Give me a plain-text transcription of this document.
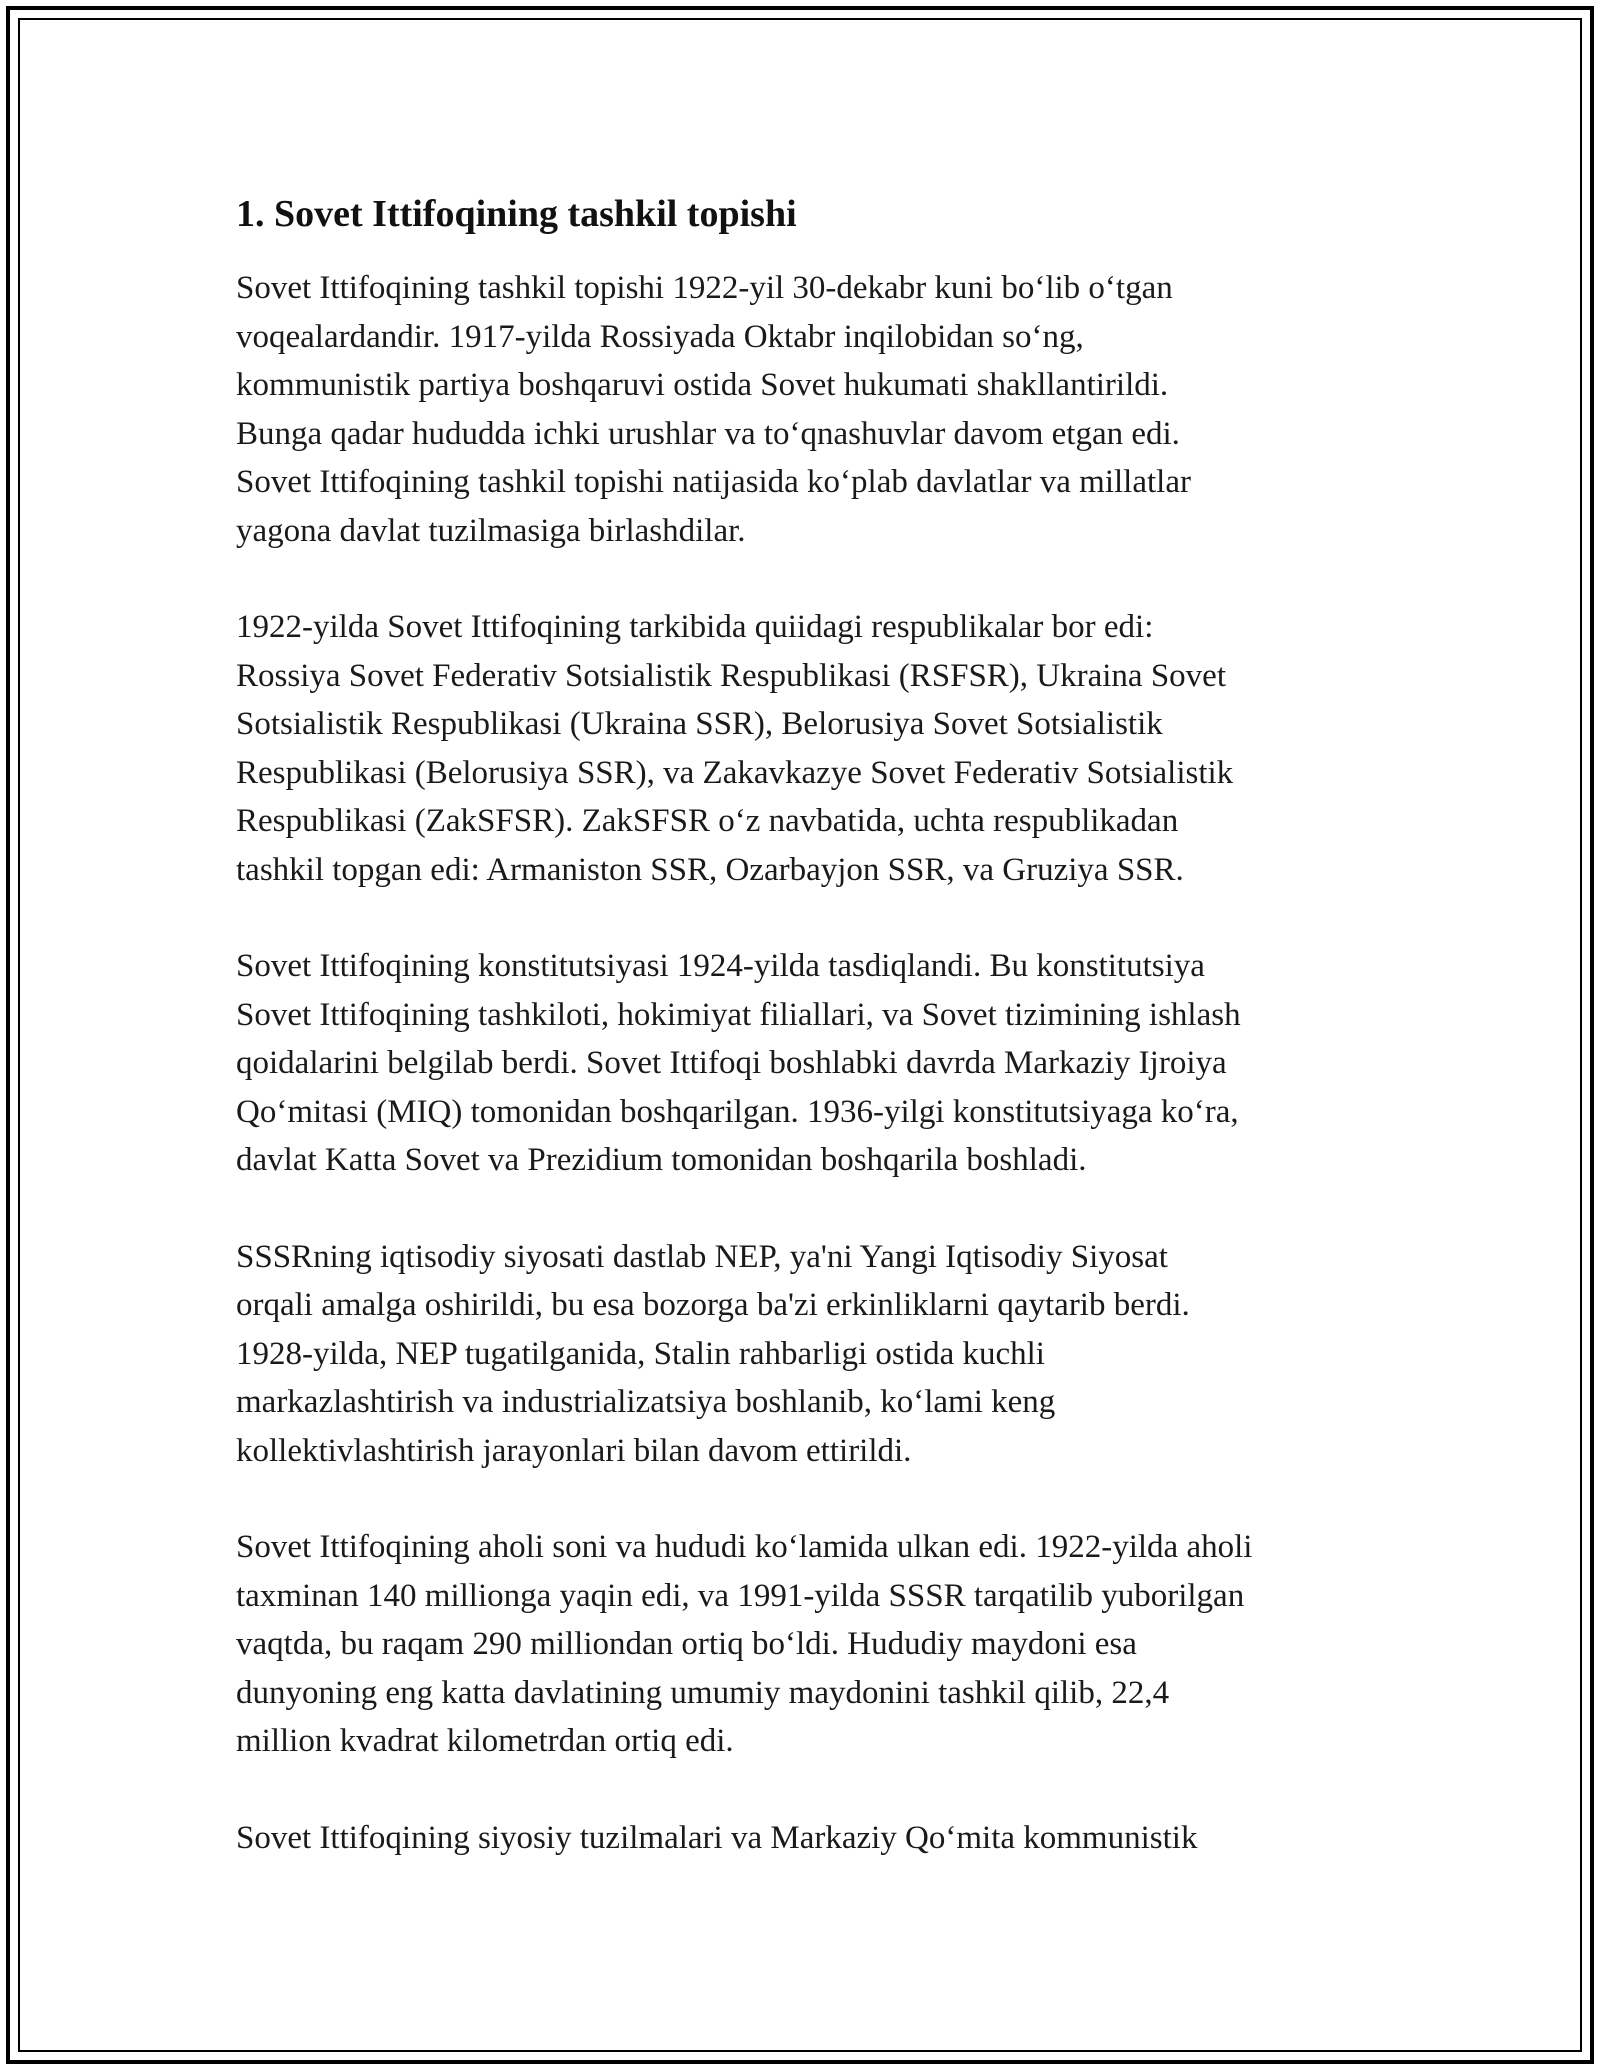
1. Sovet Ittifoqining tashkil topishi

Sovet Ittifoqining tashkil topishi 1922-yil 30-dekabr kuni bo‘lib o‘tgan
voqealardandir. 1917-yilda Rossiyada Oktabr inqilobidan so‘ng,
kommunistik partiya boshqaruvi ostida Sovet hukumati shakllantirildi.
Bunga qadar hududda ichki urushlar va to‘qnashuvlar davom etgan edi.
Sovet Ittifoqining tashkil topishi natijasida ko‘plab davlatlar va millatlar
yagona davlat tuzilmasiga birlashdilar.

1922-yilda Sovet Ittifoqining tarkibida quiidagi respublikalar bor edi:
Rossiya Sovet Federativ Sotsialistik Respublikasi (RSFSR), Ukraina Sovet
Sotsialistik Respublikasi (Ukraina SSR), Belorusiya Sovet Sotsialistik
Respublikasi (Belorusiya SSR), va Zakavkazye Sovet Federativ Sotsialistik
Respublikasi (ZakSFSR). ZakSFSR o‘z navbatida, uchta respublikadan
tashkil topgan edi: Armaniston SSR, Ozarbayjon SSR, va Gruziya SSR.

Sovet Ittifoqining konstitutsiyasi 1924-yilda tasdiqlandi. Bu konstitutsiya
Sovet Ittifoqining tashkiloti, hokimiyat filiallari, va Sovet tizimining ishlash
qoidalarini belgilab berdi. Sovet Ittifoqi boshlabki davrda Markaziy Ijroiya
Qo‘mitasi (MIQ) tomonidan boshqarilgan. 1936-yilgi konstitutsiyaga ko‘ra,
davlat Katta Sovet va Prezidium tomonidan boshqarila boshladi.

SSSRning iqtisodiy siyosati dastlab NEP, ya'ni Yangi Iqtisodiy Siyosat
orqali amalga oshirildi, bu esa bozorga ba'zi erkinliklarni qaytarib berdi.
1928-yilda, NEP tugatilganida, Stalin rahbarligi ostida kuchli
markazlashtirish va industrializatsiya boshlanib, ko‘lami keng
kollektivlashtirish jarayonlari bilan davom ettirildi.

Sovet Ittifoqining aholi soni va hududi ko‘lamida ulkan edi. 1922-yilda aholi
taxminan 140 millionga yaqin edi, va 1991-yilda SSSR tarqatilib yuborilgan
vaqtda, bu raqam 290 milliondan ortiq bo‘ldi. Hududiy maydoni esa
dunyoning eng katta davlatining umumiy maydonini tashkil qilib, 22,4
million kvadrat kilometrdan ortiq edi.

Sovet Ittifoqining siyosiy tuzilmalari va Markaziy Qo‘mita kommunistik
